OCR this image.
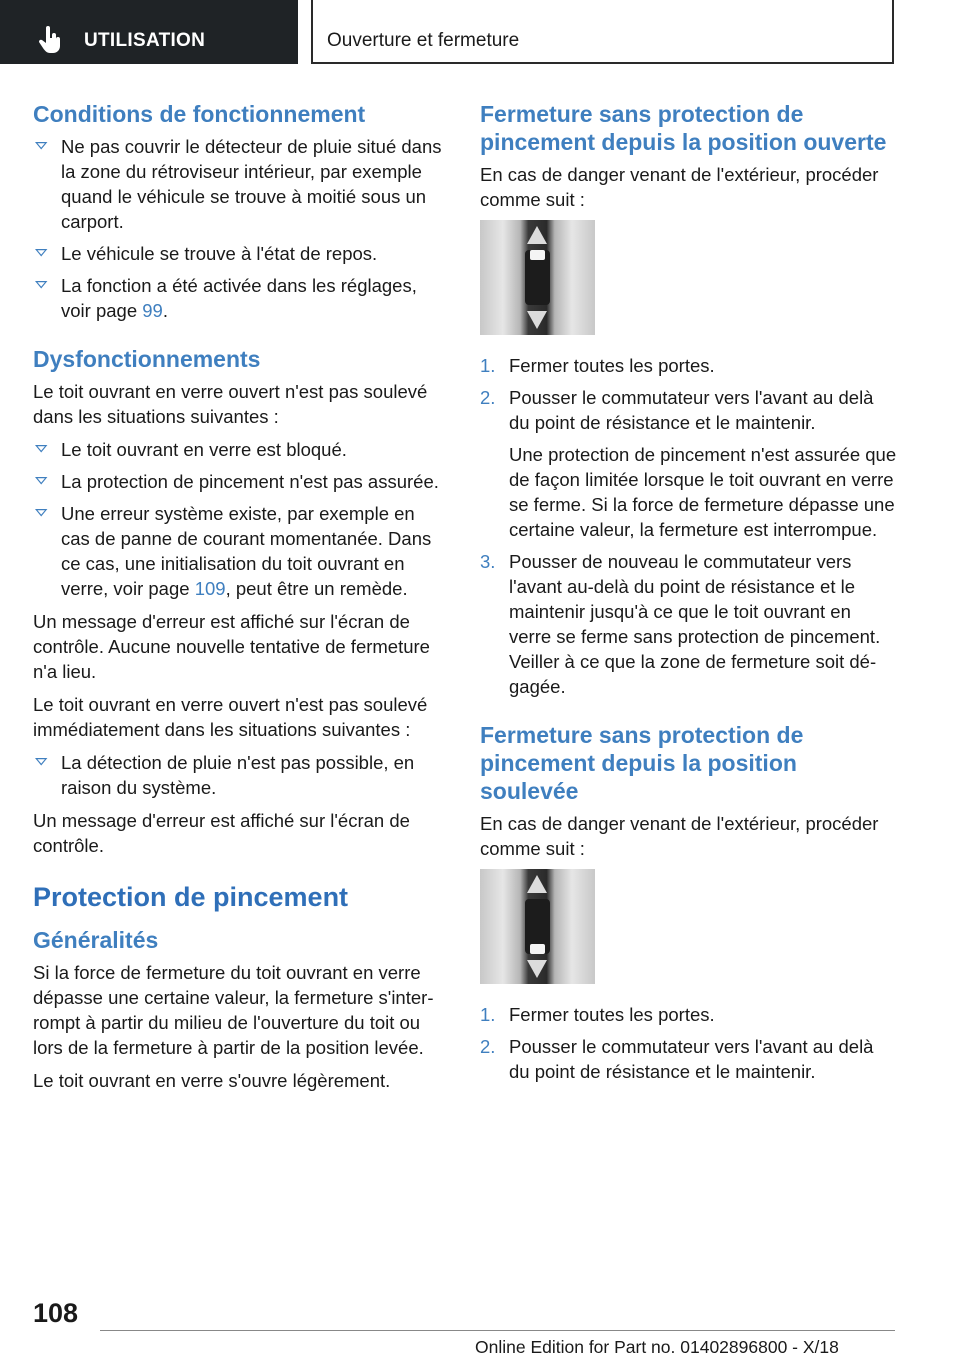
UTILISATION	Ouverture et fermeture
Conditions de fonctionnement
Ne pas couvrir le détecteur de pluie situé dans la zone du rétroviseur intérieur, par exemple quand le véhicule se trouve à moitié sous un carport.
Le véhicule se trouve à l'état de repos.
La fonction a été activée dans les réglages, voir page 99.
Dysfonctionnements

Le toit ouvrant en verre ouvert n'est pas soulevé dans les situations suivantes :

Le toit ouvrant en verre est bloqué.
La protection de pincement n'est pas assurée.
Une erreur système existe, par exemple en cas de panne de courant momentanée. Dans ce cas, une initialisation du toit ouvrant en verre, voir page 109, peut être un remède.

Un message d'erreur est affiché sur l'écran de contrôle. Aucune nouvelle tentative de fermeture n'a lieu.

Le toit ouvrant en verre ouvert n'est pas soulevé immédiatement dans les situations suivantes :

La détection de pluie n'est pas possible, en raison du système.

Un message d'erreur est affiché sur l'écran de contrôle.

Protection de pincement
Généralités

Si la force de fermeture du toit ouvrant en verre dépasse une certaine valeur, la fermeture s'interrompt à partir du milieu de l'ouverture du toit ou lors de la fermeture à partir de la position levée.

Le toit ouvrant en verre s'ouvre légèrement.

Fermeture sans protection de pincement depuis la position ouverte

En cas de danger venant de l'extérieur, procéder comme suit :

1. Fermer toutes les portes.
2. Pousser le commutateur vers l'avant au delà du point de résistance et le maintenir.
Une protection de pincement n'est assurée que de façon limitée lorsque le toit ouvrant en verre se ferme. Si la force de fermeture dépasse une certaine valeur, la fermeture est interrompue.
3. Pousser de nouveau le commutateur vers l'avant au-delà du point de résistance et le maintenir jusqu'à ce que le toit ouvrant en verre se ferme sans protection de pincement. Veiller à ce que la zone de fermeture soit dégagée.
Fermeture sans protection de pincement depuis la position soulevée

En cas de danger venant de l'extérieur, procéder comme suit :

1. Fermer toutes les portes.
2. Pousser le commutateur vers l'avant au delà du point de résistance et le maintenir.
108
Online Edition for Part no. 01402896800 - X/18
